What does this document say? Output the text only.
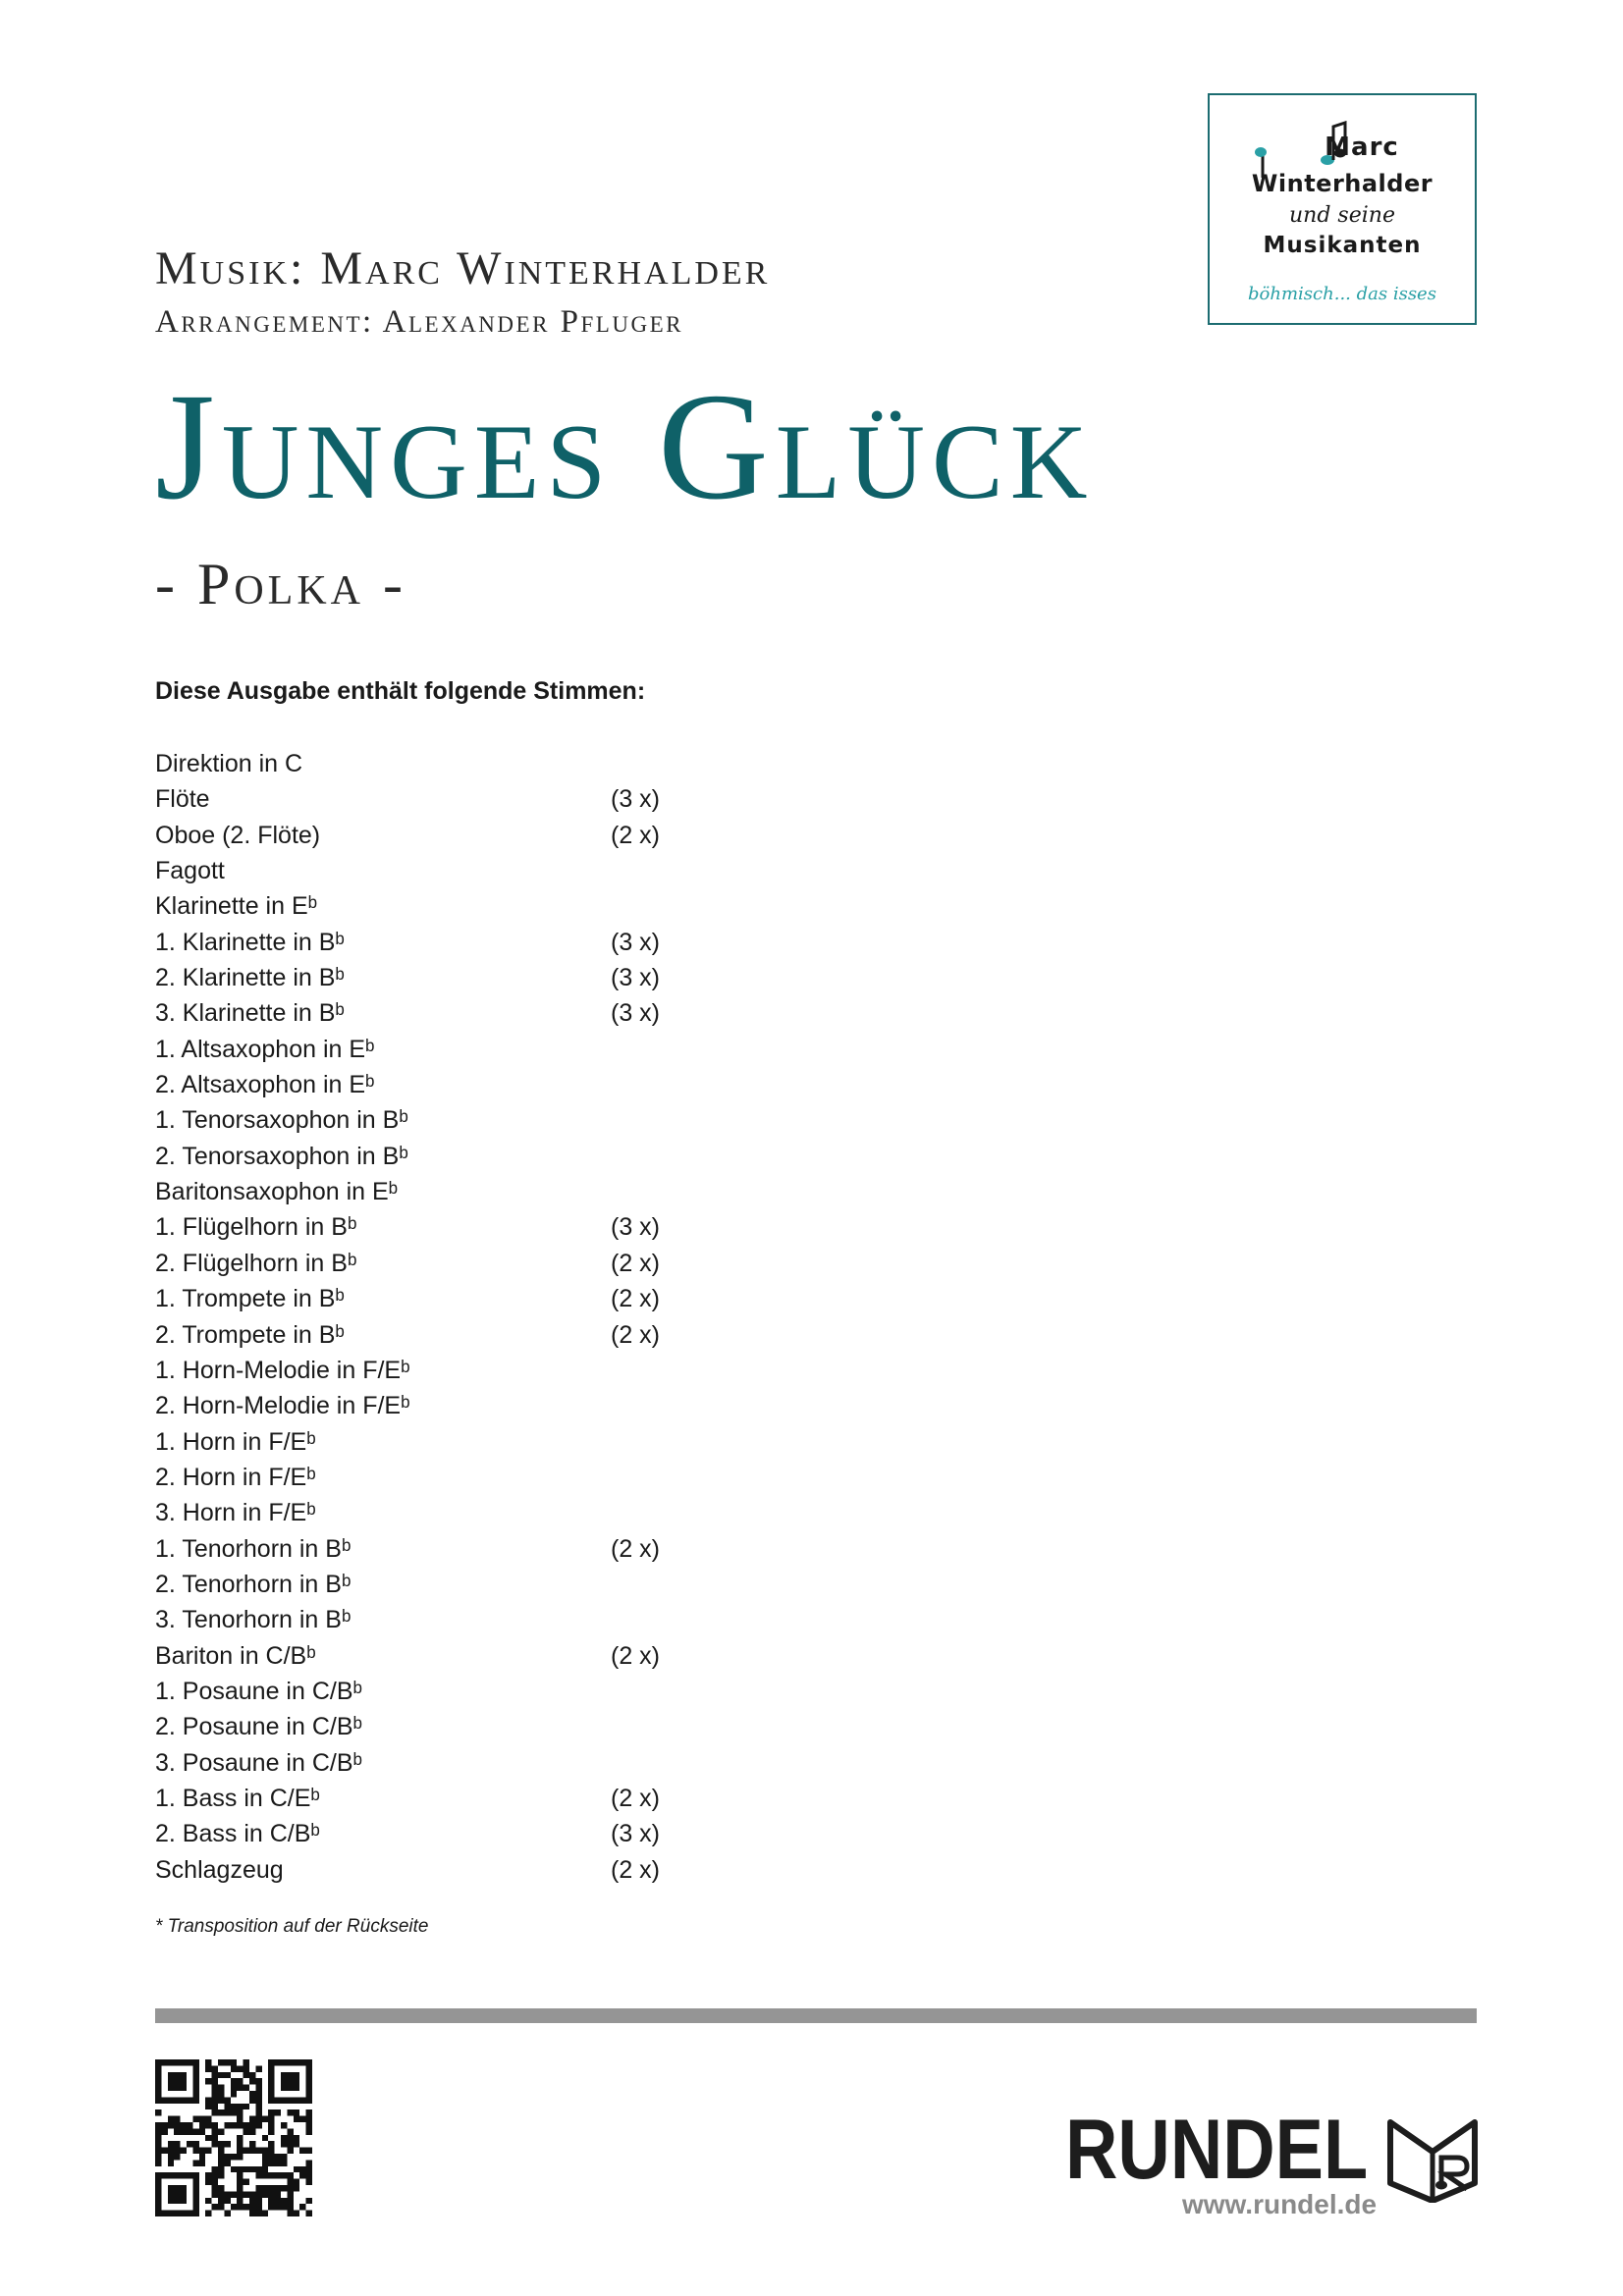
Musik: Marc Winterhalder
Arrangement: Alexander Pfluger
Marc
Winterhalder
und seine
Musikanten
böhmisch... das isses
Junges Glück
- Polka -
Diese Ausgabe enthält folgende Stimmen:
Direktion in C
Flöte	(3 x)
Oboe (2. Flöte)	(2 x)
Fagott
Klarinette in Eᵇ
1. Klarinette in Bᵇ	(3 x)
2. Klarinette in Bᵇ	(3 x)
3. Klarinette in Bᵇ	(3 x)
1. Altsaxophon in Eᵇ
2. Altsaxophon in Eᵇ
1. Tenorsaxophon in Bᵇ
2. Tenorsaxophon in Bᵇ
Baritonsaxophon in Eᵇ
1. Flügelhorn in Bᵇ	(3 x)
2. Flügelhorn in Bᵇ	(2 x)
1. Trompete in Bᵇ	(2 x)
2. Trompete in Bᵇ	(2 x)
1. Horn-Melodie in F/Eᵇ
2. Horn-Melodie in F/Eᵇ
1. Horn in F/Eᵇ
2. Horn in F/Eᵇ
3. Horn in F/Eᵇ
1. Tenorhorn in Bᵇ	(2 x)
2. Tenorhorn in Bᵇ
3. Tenorhorn in Bᵇ
Bariton in C/Bᵇ	(2 x)
1. Posaune in C/Bᵇ
2. Posaune in C/Bᵇ
3. Posaune in C/Bᵇ
1. Bass in C/Eᵇ	(2 x)
2. Bass in C/Bᵇ	(3 x)
Schlagzeug	(2 x)
* Transposition auf der Rückseite
RUNDEL
www.rundel.de
